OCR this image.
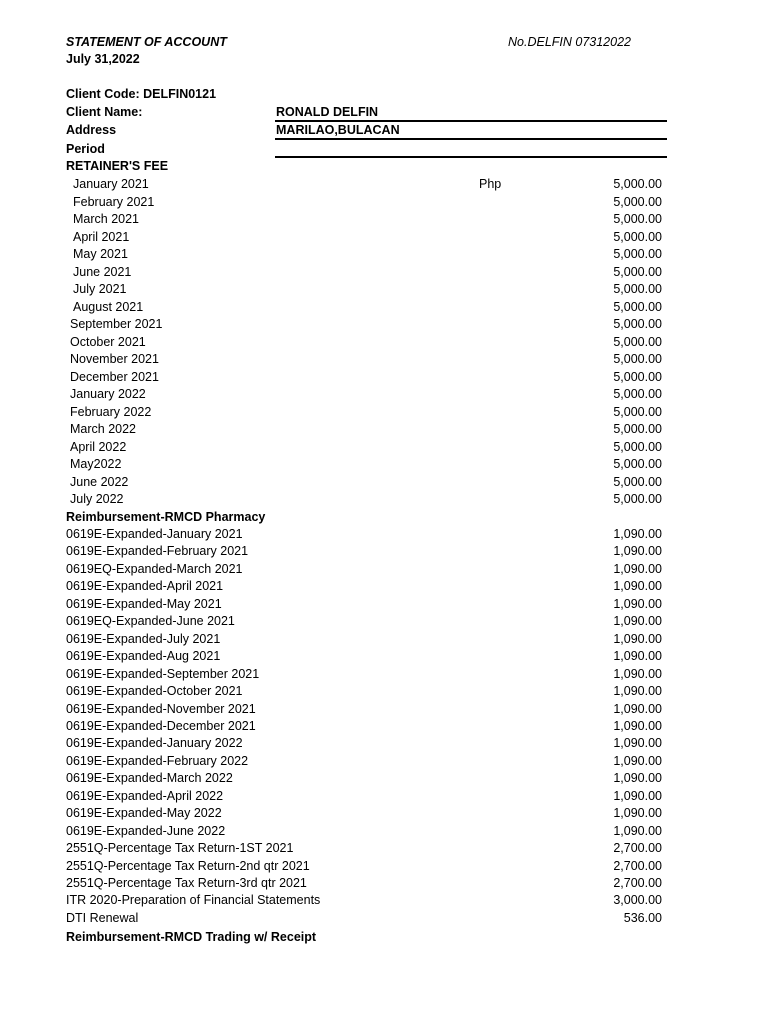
STATEMENT OF ACCOUNT	No.DELFIN 07312022
July 31,2022
Client Code: DELFIN0121
Client Name:	RONALD DELFIN
Address	MARILAO,BULACAN
Period
RETAINER'S FEE
January 2021	Php	5,000.00
February 2021	5,000.00
March 2021	5,000.00
April 2021	5,000.00
May 2021	5,000.00
June 2021	5,000.00
July 2021	5,000.00
August 2021	5,000.00
September 2021	5,000.00
October 2021	5,000.00
November 2021	5,000.00
December 2021	5,000.00
January 2022	5,000.00
February 2022	5,000.00
March 2022	5,000.00
April 2022	5,000.00
May2022	5,000.00
June 2022	5,000.00
July 2022	5,000.00
Reimbursement-RMCD Pharmacy
0619E-Expanded-January 2021	1,090.00
0619E-Expanded-February 2021	1,090.00
0619EQ-Expanded-March 2021	1,090.00
0619E-Expanded-April 2021	1,090.00
0619E-Expanded-May 2021	1,090.00
0619EQ-Expanded-June 2021	1,090.00
0619E-Expanded-July 2021	1,090.00
0619E-Expanded-Aug 2021	1,090.00
0619E-Expanded-September 2021	1,090.00
0619E-Expanded-October 2021	1,090.00
0619E-Expanded-November 2021	1,090.00
0619E-Expanded-December 2021	1,090.00
0619E-Expanded-January 2022	1,090.00
0619E-Expanded-February 2022	1,090.00
0619E-Expanded-March 2022	1,090.00
0619E-Expanded-April 2022	1,090.00
0619E-Expanded-May 2022	1,090.00
0619E-Expanded-June 2022	1,090.00
2551Q-Percentage Tax Return-1ST 2021	2,700.00
2551Q-Percentage Tax Return-2nd qtr 2021	2,700.00
2551Q-Percentage Tax Return-3rd qtr 2021	2,700.00
ITR 2020-Preparation of Financial Statements	3,000.00
DTI Renewal	536.00
Reimbursement-RMCD Trading w/ Receipt
